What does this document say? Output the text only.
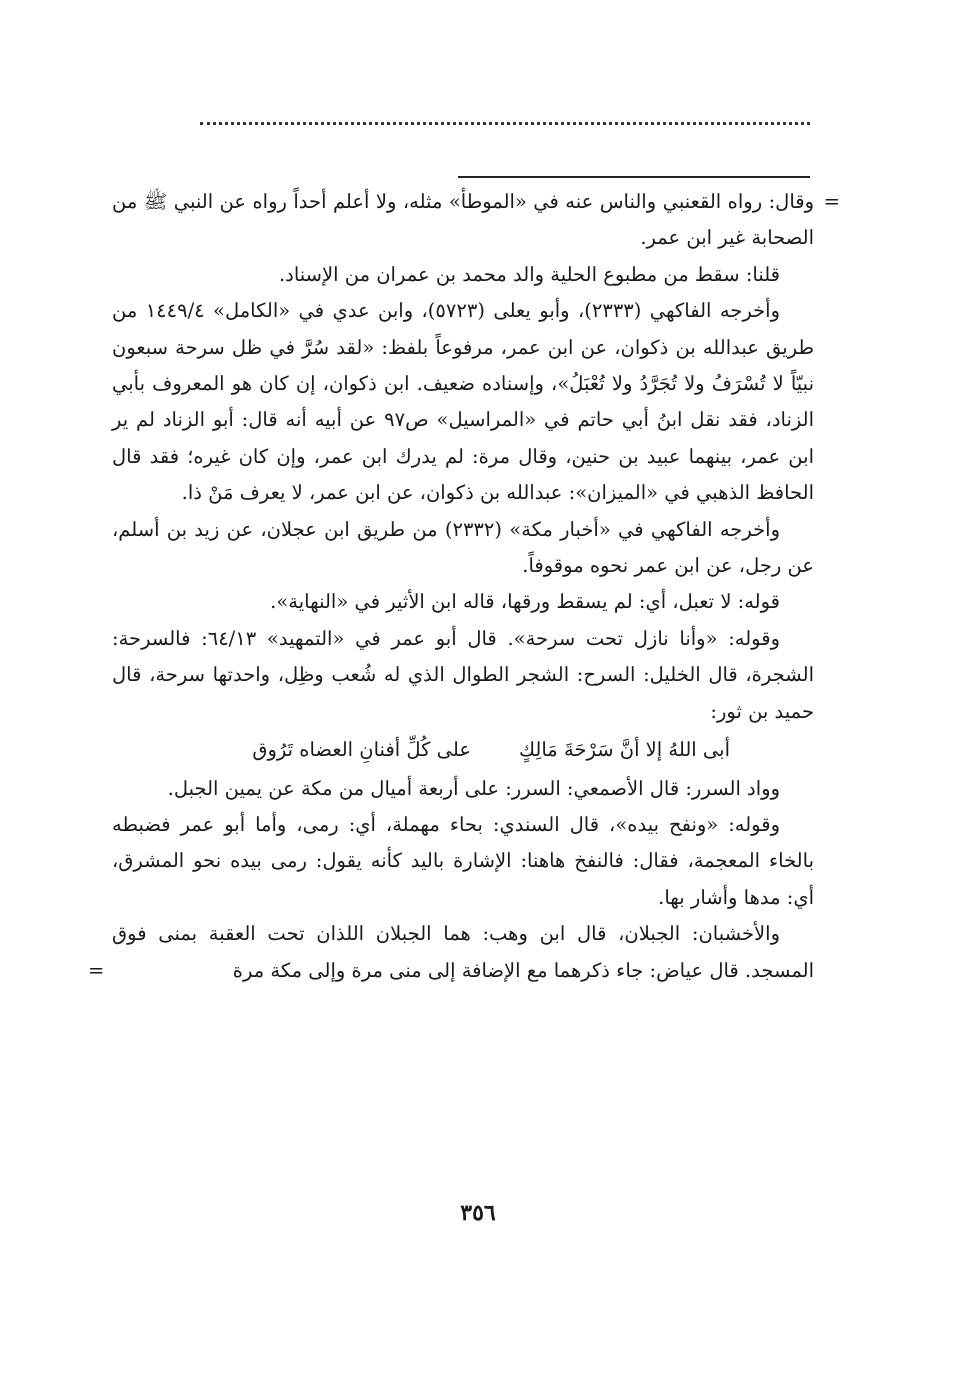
=
وقال: رواه القعنبي والناس عنه في «الموطأ» مثله، ولا أعلم أحداً رواه عن النبي ﷺ من الصحابة غير ابن عمر.

قلنا: سقط من مطبوع الحلية والد محمد بن عمران من الإسناد.

وأخرجه الفاكهي (٢٣٣٣)، وأبو يعلى (٥٧٢٣)، وابن عدي في «الكامل» ١٤٤٩/٤ من طريق عبدالله بن ذكوان، عن ابن عمر، مرفوعاً بلفظ: «لقد سُرَّ في ظل سرحة سبعون نبيّاً لا تُسْرَفُ ولا تُجَرَّدُ ولا تُعْبَلُ»، وإسناده ضعيف. ابن ذكوان، إن كان هو المعروف بأبي الزناد، فقد نقل ابنُ أبي حاتم في «المراسيل» ص٩٧ عن أبيه أنه قال: أبو الزناد لم ير ابن عمر، بينهما عبيد بن حنين، وقال مرة: لم يدرك ابن عمر، وإن كان غيره؛ فقد قال الحافظ الذهبي في «الميزان»: عبدالله بن ذكوان، عن ابن عمر، لا يعرف مَنْ ذا.

وأخرجه الفاكهي في «أخبار مكة» (٢٣٣٢) من طريق ابن عجلان، عن زيد بن أسلم، عن رجل، عن ابن عمر نحوه موقوفاً.

قوله: لا تعبل، أي: لم يسقط ورقها، قاله ابن الأثير في «النهاية».

وقوله: «وأنا نازل تحت سرحة». قال أبو عمر في «التمهيد» ٦٤/١٣: فالسرحة: الشجرة، قال الخليل: السرح: الشجر الطوال الذي له شُعب وظِل، واحدتها سرحة، قال حميد بن ثور:

أبى اللهُ إلا أنَّ سَرْحَةَ مَالِكٍ
على كُلِّ أفنانِ العضاه تَرُوق

وواد السرر: قال الأصمعي: السرر: على أربعة أميال من مكة عن يمين الجبل.

وقوله: «ونفح بيده»، قال السندي: بحاء مهملة، أي: رمى، وأما أبو عمر فضبطه بالخاء المعجمة، فقال: فالنفخ هاهنا: الإشارة باليد كأنه يقول: رمى بيده نحو المشرق، أي: مدها وأشار بها.

والأخشبان: الجبلان، قال ابن وهب: هما الجبلان اللذان تحت العقبة بمنى فوق المسجد. قال عياض: جاء ذكرهما مع الإضافة إلى منى مرة وإلى مكة مرة
=

٣٥٦
